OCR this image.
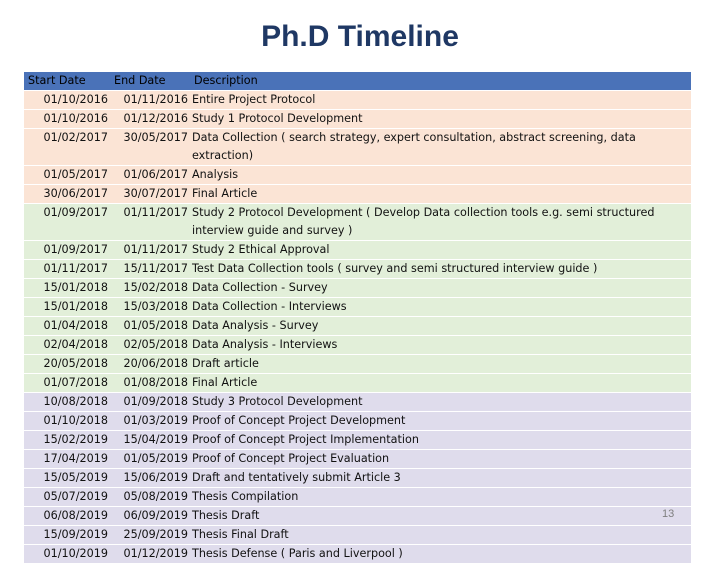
Ph.D Timeline
Start Date	End Date	Description
01/10/2016	01/11/2016	Entire Project Protocol
01/10/2016	01/12/2016	Study 1 Protocol Development
01/02/2017	30/05/2017	Data Collection ( search strategy, expert consultation, abstract screening, data extraction)
01/05/2017	01/06/2017	Analysis
30/06/2017	30/07/2017	Final Article
01/09/2017	01/11/2017	Study 2 Protocol Development ( Develop Data collection tools e.g. semi structured interview guide and survey )
01/09/2017	01/11/2017	Study 2 Ethical Approval
01/11/2017	15/11/2017	Test Data Collection tools ( survey and semi structured interview guide )
15/01/2018	15/02/2018	Data Collection - Survey
15/01/2018	15/03/2018	Data Collection - Interviews
01/04/2018	01/05/2018	Data Analysis - Survey
02/04/2018	02/05/2018	Data Analysis - Interviews
20/05/2018	20/06/2018	Draft article
01/07/2018	01/08/2018	Final Article
10/08/2018	01/09/2018	Study 3 Protocol Development
01/10/2018	01/03/2019	Proof of Concept Project Development
15/02/2019	15/04/2019	Proof of Concept Project Implementation
17/04/2019	01/05/2019	Proof of Concept Project Evaluation
15/05/2019	15/06/2019	Draft and tentatively submit Article 3
05/07/2019	05/08/2019	Thesis Compilation
06/08/2019	06/09/2019	Thesis Draft
15/09/2019	25/09/2019	Thesis Final Draft
01/10/2019	01/12/2019	Thesis Defense ( Paris and Liverpool )
13
